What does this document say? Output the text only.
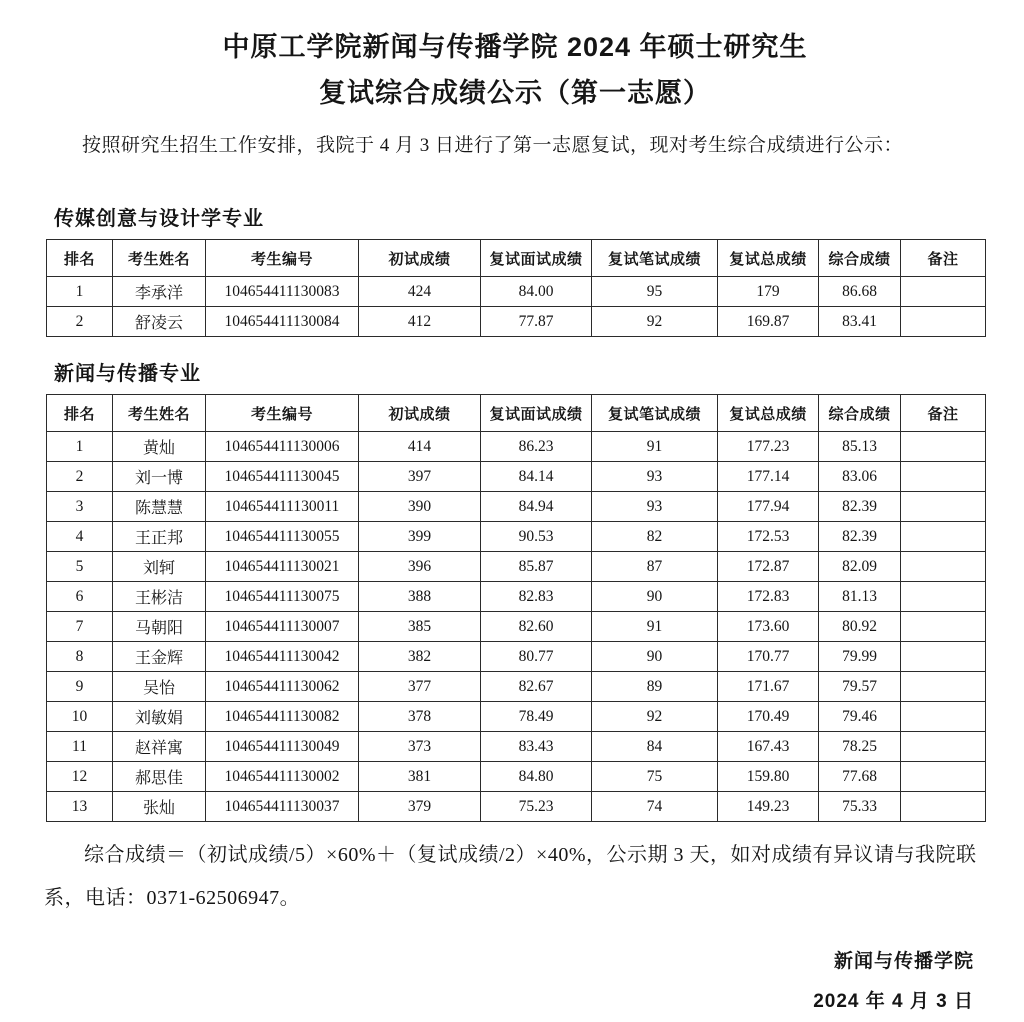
中原工学院新闻与传播学院 2024 年硕士研究生
复试综合成绩公示（第一志愿）

按照研究生招生工作安排，我院于 4 月 3 日进行了第一志愿复试，现对考生综合成绩进行公示：

传媒创意与设计学专业
排名	考生姓名	考生编号	初试成绩	复试面试成绩	复试笔试成绩	复试总成绩	综合成绩	备注
1	李承洋	104654411130083	424	84.00	95	179	86.68	
2	舒凌云	104654411130084	412	77.87	92	169.87	83.41	
新闻与传播专业
排名	考生姓名	考生编号	初试成绩	复试面试成绩	复试笔试成绩	复试总成绩	综合成绩	备注
1	黄灿	104654411130006	414	86.23	91	177.23	85.13	
2	刘一博	104654411130045	397	84.14	93	177.14	83.06	
3	陈慧慧	104654411130011	390	84.94	93	177.94	82.39	
4	王正邦	104654411130055	399	90.53	82	172.53	82.39	
5	刘轲	104654411130021	396	85.87	87	172.87	82.09	
6	王彬洁	104654411130075	388	82.83	90	172.83	81.13	
7	马朝阳	104654411130007	385	82.60	91	173.60	80.92	
8	王金辉	104654411130042	382	80.77	90	170.77	79.99	
9	吴怡	104654411130062	377	82.67	89	171.67	79.57	
10	刘敏娟	104654411130082	378	78.49	92	170.49	79.46	
11	赵祥寓	104654411130049	373	83.43	84	167.43	78.25	
12	郝思佳	104654411130002	381	84.80	75	159.80	77.68	
13	张灿	104654411130037	379	75.23	74	149.23	75.33	

综合成绩＝（初试成绩/5）×60%＋（复试成绩/2）×40%，公示期 3 天，如对成绩有异议请与我院联系，电话：0371-62506947。

新闻与传播学院
2024 年 4 月 3 日
